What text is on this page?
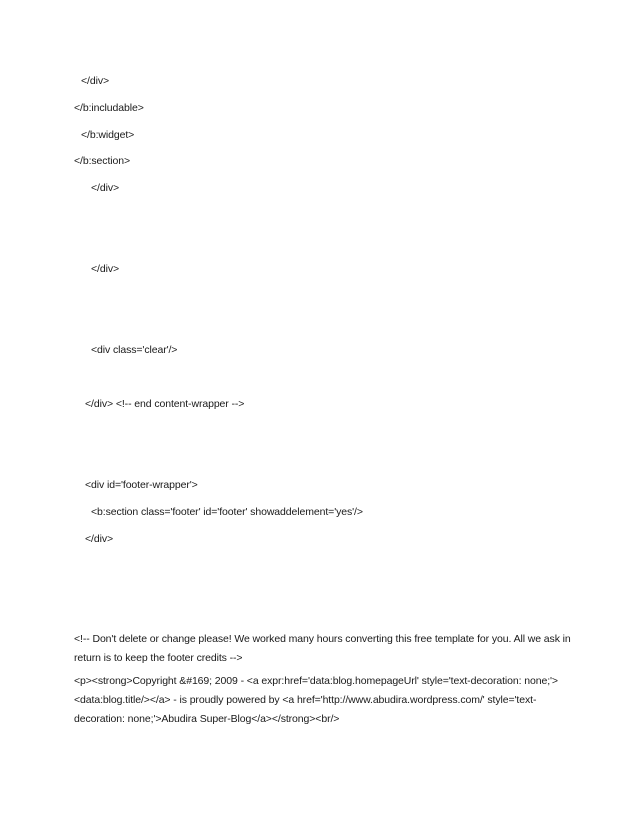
</div>
</b:includable>
</b:widget>
</b:section>
</div>
</div>
<div class='clear'/>
</div> <!-- end content-wrapper -->
<div id='footer-wrapper'>
<b:section class='footer' id='footer' showaddelement='yes'/>
</div>
<!-- Don't delete or change please! We worked many hours converting this free template for you. All we ask in return is to keep the footer credits -->
<p><strong>Copyright &#169; 2009 - <a expr:href='data:blog.homepageUrl' style='text-decoration: none;'><data:blog.title/></a> - is proudly powered by <a href='http://www.abudira.wordpress.com/' style='text-decoration: none;'>Abudira Super-Blog</a></strong><br/>
